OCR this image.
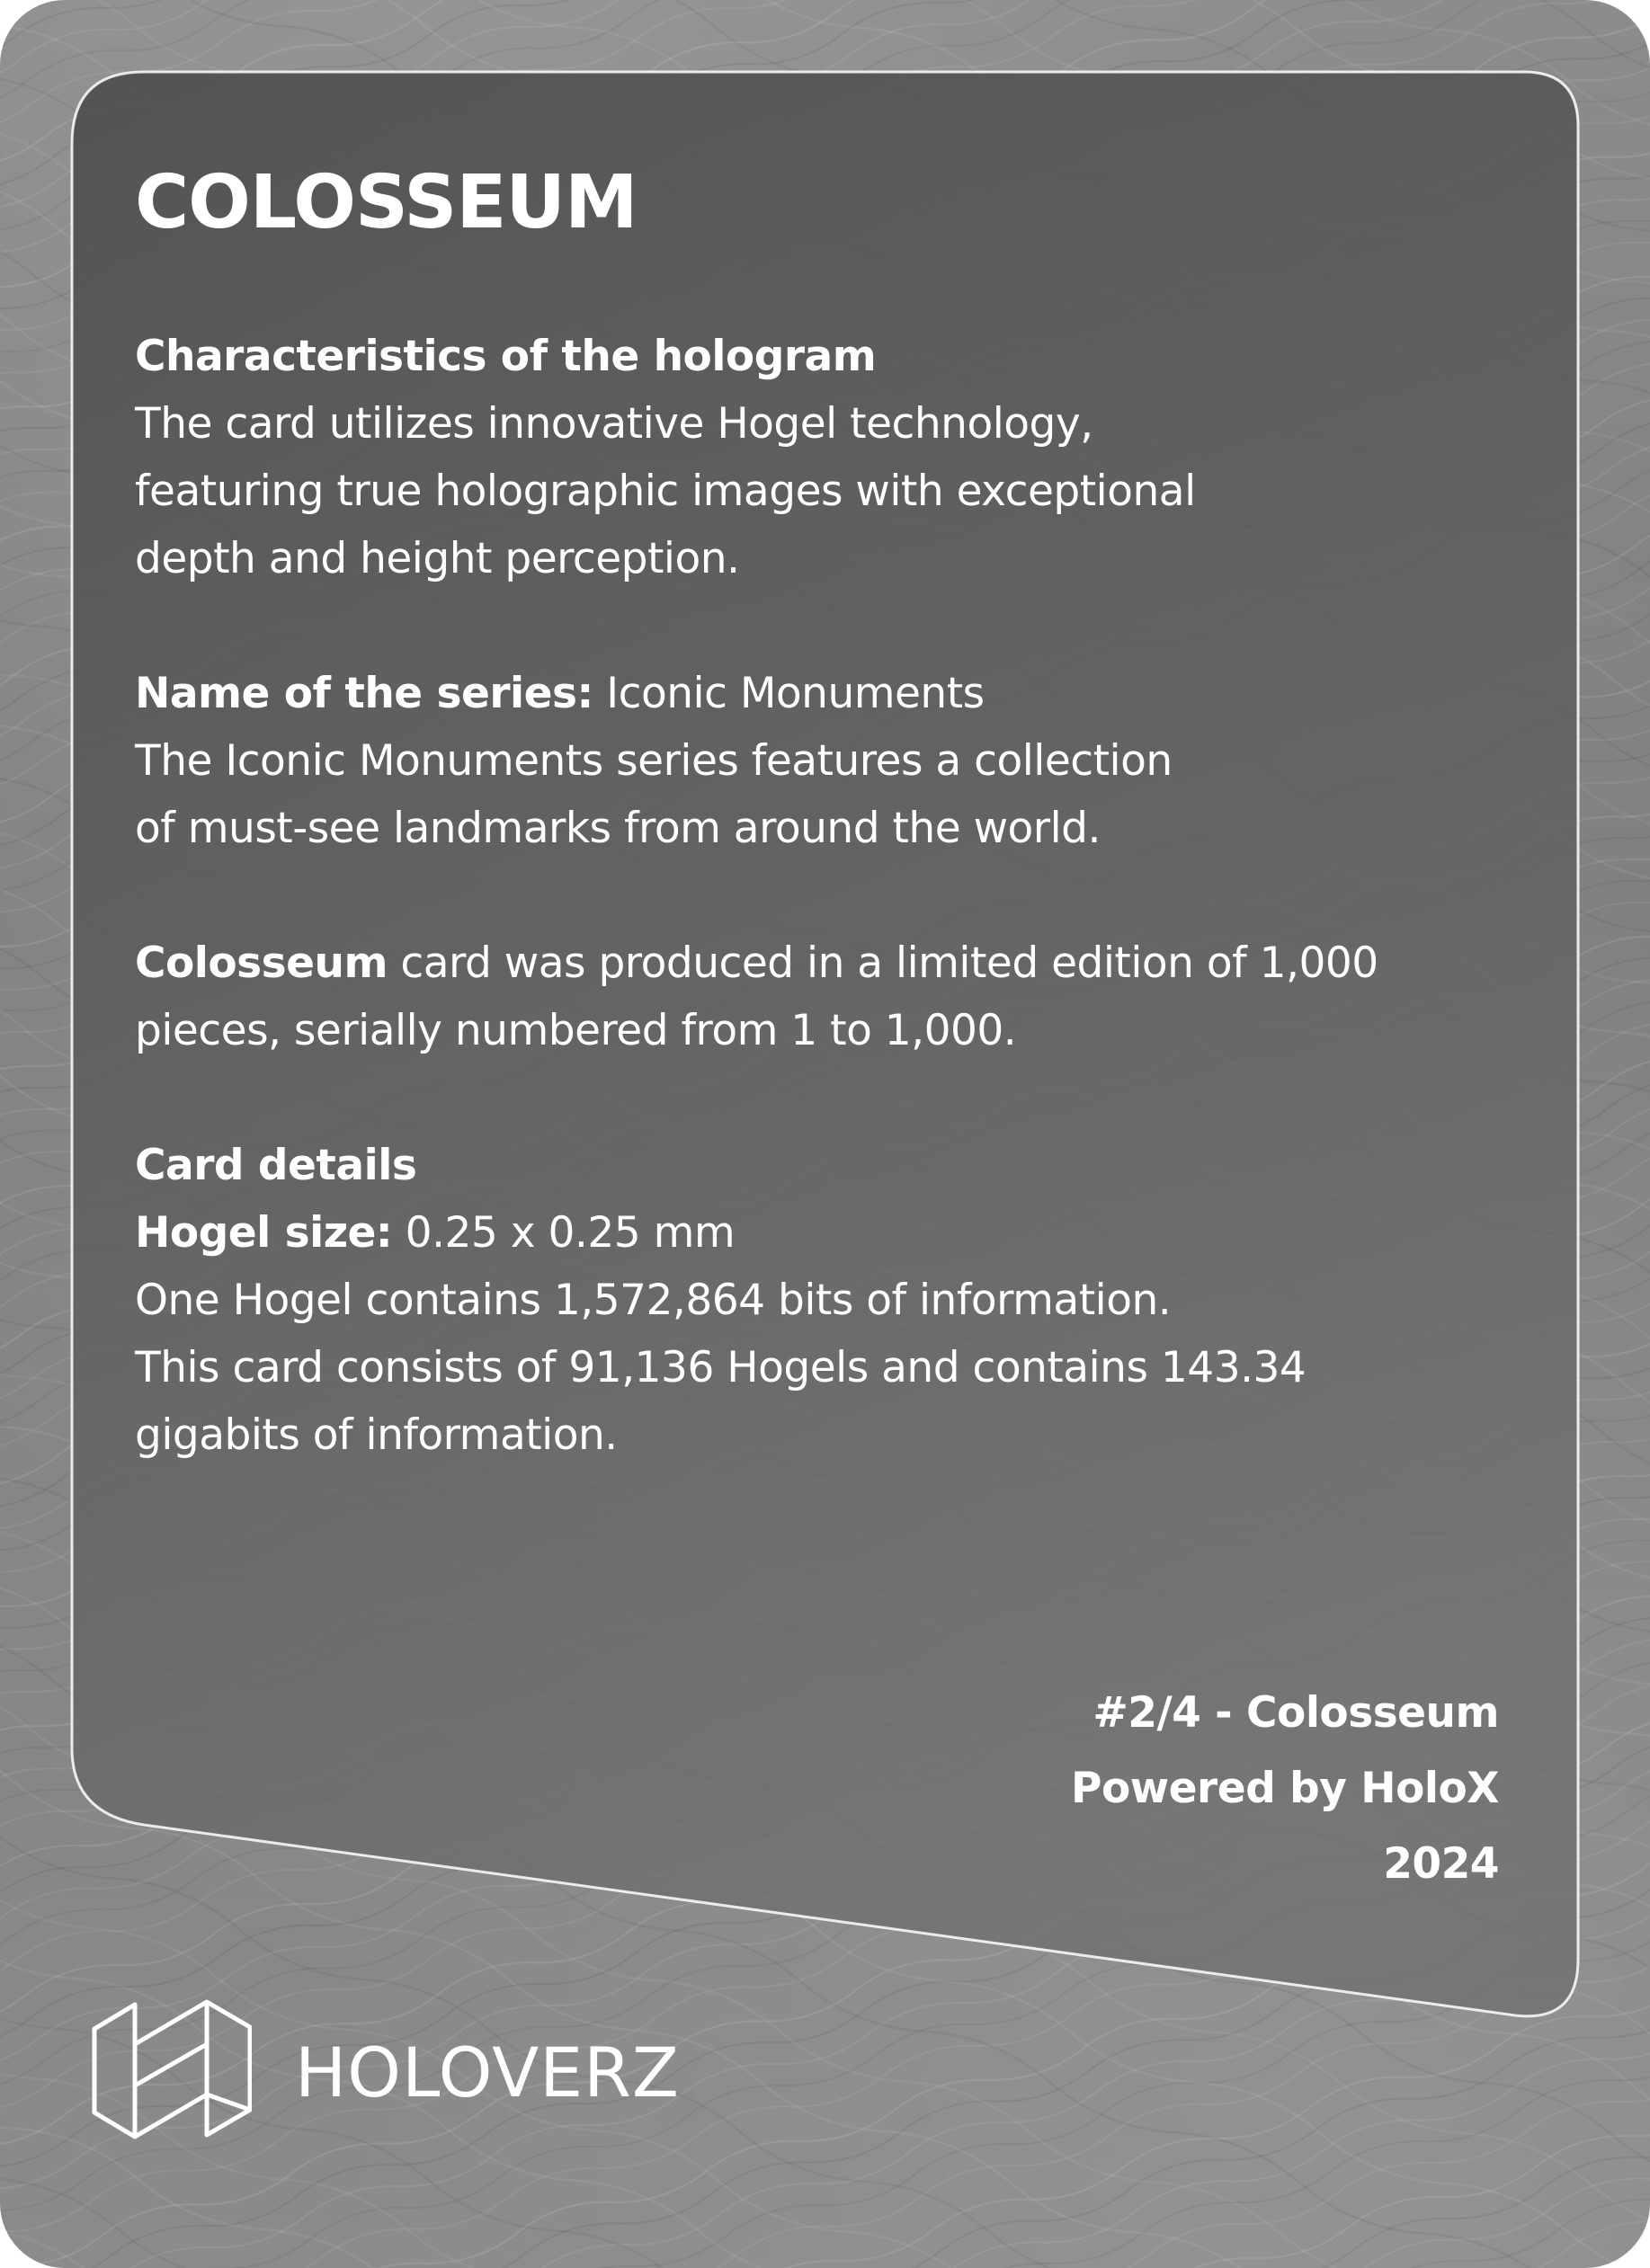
COLOSSEUM
Characteristics of the hologram
The card utilizes innovative Hogel technology,
featuring true holographic images with exceptional
depth and height perception.
Name of the series: Iconic Monuments
The Iconic Monuments series features a collection
of must-see landmarks from around the world.
Colosseum card was produced in a limited edition of 1,000
pieces, serially numbered from 1 to 1,000.
Card details
Hogel size: 0.25 x 0.25 mm
One Hogel contains 1,572,864 bits of information.
This card consists of 91,136 Hogels and contains 143.34
gigabits of information.
#2/4 - Colosseum
Powered by HoloX
2024
HOLOVERZ
